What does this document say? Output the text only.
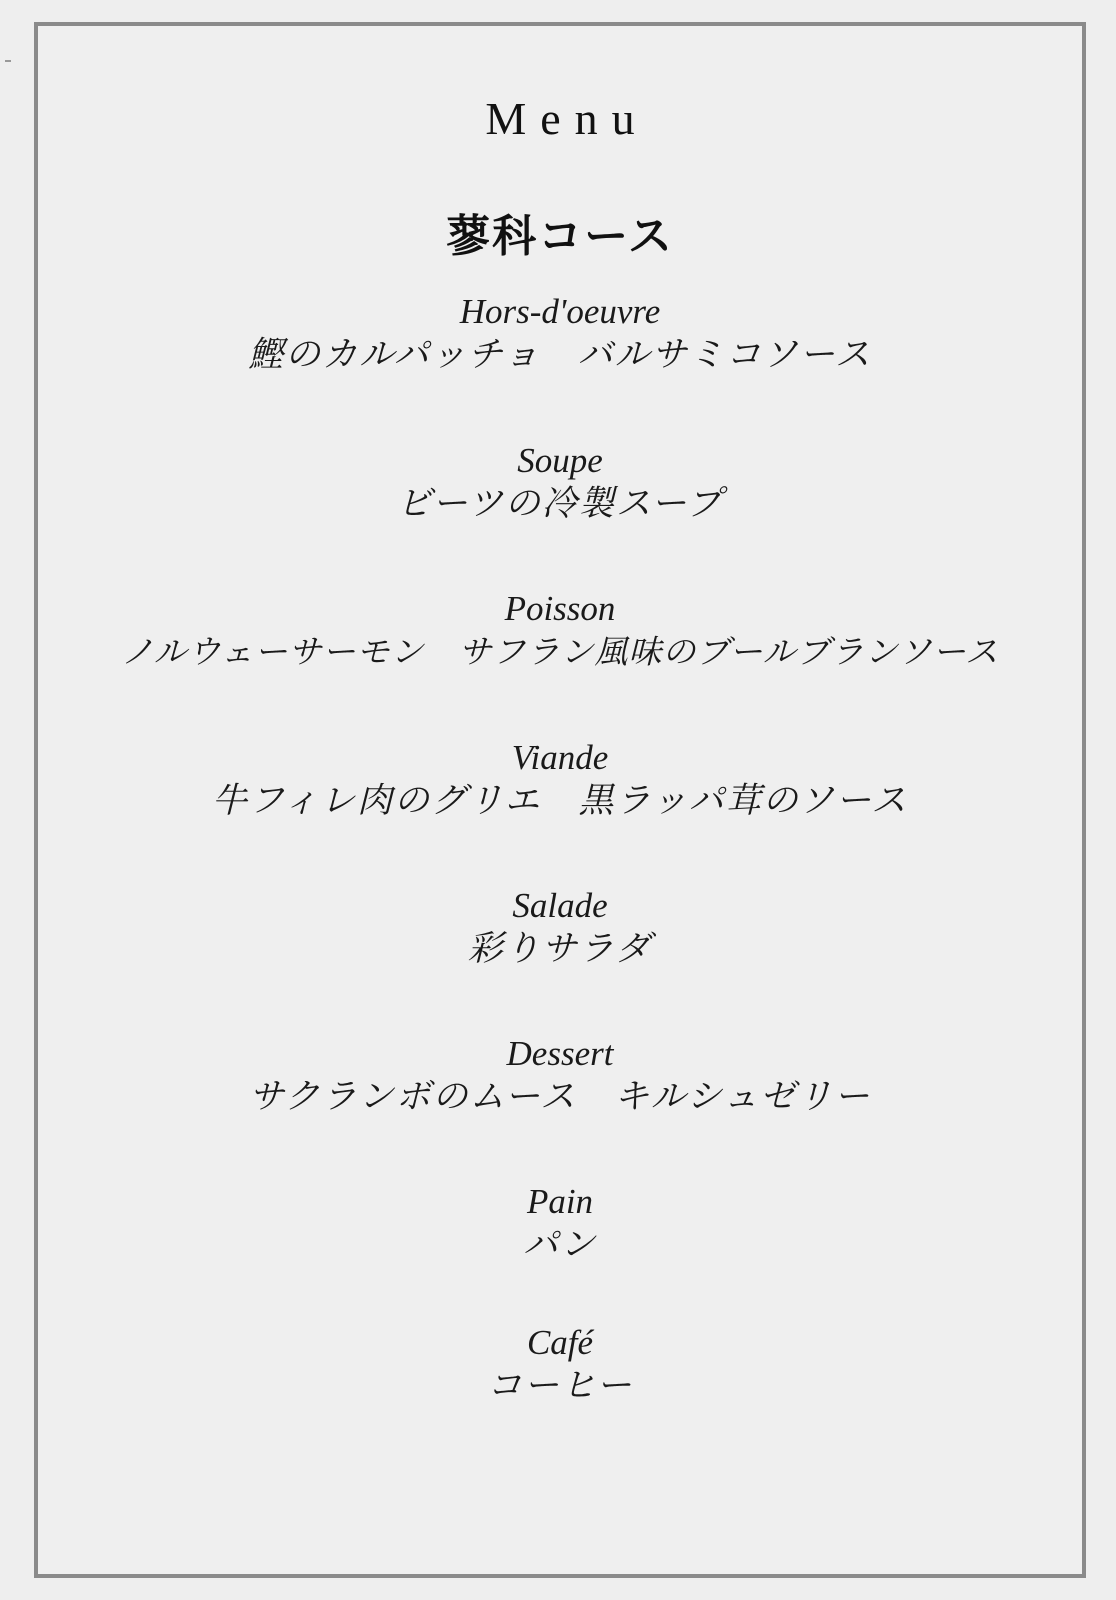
Menu
蓼科コース
Hors-d'oeuvre
鰹のカルパッチョ　バルサミコソース
Soupe
ビーツの冷製スープ
Poisson
ノルウェーサーモン　サフラン風味のブールブランソース
Viande
牛フィレ肉のグリエ　黒ラッパ茸のソース
Salade
彩りサラダ
Dessert
サクランボのムース　キルシュゼリー
Pain
パン
Café
コーヒー
